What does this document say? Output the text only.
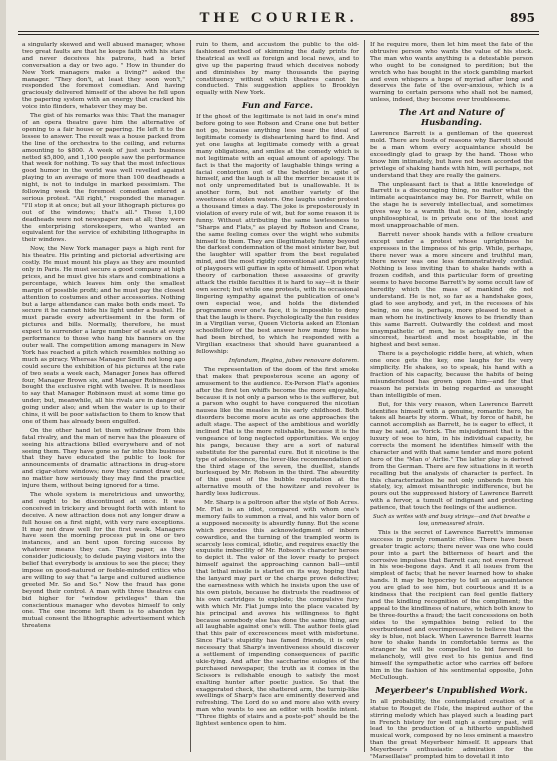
THE COURIER.	895

a singularly skewed and well abused manager, whose two great faults are that he keeps faith with his stars and never deceives his patrons, had a brief conversation a day or two ago. " How in thunder do New York managers make a living?" asked the manager. "They don't, at least they soon won't," responded the foremost comedian. And having graciously delivered himself of the above he fell upon the papering system with an energy that cracked his voice into flinders, whatever they may be.

The gist of his remarks was this: That the manager of an opera theatre gave him the alternative of opening to a fair house or papering. He left it to the lessee to answer. The result was a house packed from the line of the orchestra to the ceiling, and returns amounting to $800. A week of just such business netted $5,800, and 1,100 people saw the performance that week for nothing. To say that the most infectious good humor in the world was well revelled against playing to an average of more than 100 deadheads a night, is not to indulge in marked pessimism. The following week the foremost comedian entered a serious protest. "All right," responded the manager. "I'll stop it at once; but all your lithograph pictures go out of the windows; that's all." These 1,100 deadheads were not newspaper men at all; they were the enterprising storekeepers, who wanted an equivalent for the service of exhibiting lithographs in their windows.

Now, the New York manager pays a high rent for his theatre. His printing and pictorial advertising are costly. He must mount his plays as they are mounted only in Paris. He must secure a good company at high prices, and he must give his stars and combinations a percentage, which leaves him only the smallest margin of possible profit; and he must pay the closest attention to costumes and other accessories. Nothing but a large attendance can make both ends meet. To secure it he cannot hide his light under a bushel. He must parade every advertisement in the form of pictures and bills. Normally, therefore, he must expect to surrender a large number of seats at every performance to those who hang his banners on the outer wall. The competition among managers in New York has reached a pitch which resembles nothing so much as piracy. Whereas Manager Smith not long ago could secure the exhibition of his pictures at the rate of two seats a week each, Manager Jones has offered four, Manager Brown six, and Manager Robinson has bought the exclusive right with twelve. It is needless to say that Manager Robinson must at some time go under; but, meanwhile, all his rivals are in danger of going under also; and when the water is up to their chins, it will be poor satisfaction to them to know that one of them has already been engulfed.

On the other hand let them withdraw from this fatal rivalry, and the man of nerve has the pleasure of seeing his attractions billed everywhere and of not seeing them. They have gone so far into this business that they have educated the public to look for announcements of dramatic attractions in drug-store and cigar-store windows; now they cannot draw out, no matter how seriously they may find the practice injure them, without being ignored for a time.

The whole system is meretricious and unworthy, and ought to be discontinued at once. It was conceived in trickery and brought forth with intent to deceive. A new attraction does not any longer draw a full house on a first night, with very rare exceptions. It may not draw well for the first week. Managers have seen the morning process put in one or two instances, and an bent upon forcing success by whatever means they can. They paper, as they consider judiciously, to delude paying visitors into the belief that everybody is anxious to see the piece; they impose on good-natured or feeble-minded critics who are willing to say that "a large and cultured audience greeted Mr. So and So." Now the fraud has gone beyond their control. A man with three theatres can bid higher for "window privileges" than the conscientious manager who devotes himself to only one. The one income left them is to abandon by mutual consent the lithographic advertisement which threatens

ruin to them, and accustom the public to the old-fashioned method of skimming the daily prints for theatrical as well as foreign and local news, and to give up the papering fraud which deceives nobody and diminishes by many thousands the paying constituency without which theatres cannot be conducted. This suggestion applies to Brooklyn equally with New York.

Fun and Farce.

If the ghost of the legitimate is not laid in one's mind before going to see Robson and Crane one but better not go, because anything less near the ideal of legitimate comedy is disheartening hard to find. And yet one laughs at legitimate comedy with a great many obligations, and smiles at the comedy which is not legitimate with an equal amount of apology. The fact is that the majority of laughable things wring a facial contortion out of the beholder in spite of himself, and the laugh is all the merrier because it is not only unpremeditated but is unallowable. It is another form, but not another variety of the sweetness of stolen waters. One laughs under protest a thousand times a day. The joke is preposterously in violation of every rule of wit, but for some reason it is funny. Without attributing the same lawlessness to "Sharps and Flats," as played by Robson and Crane, the same feeling comes over the wight who submits himself to them. They are illegitimately funny beyond the darkest condemnation of the most sinister bar, but the laughter will spatter from the best regulated mind, and the most rigidly conventional and propriety of playgoers will guffaw in spite of himself. Upon what theory of carbonation these assassins of gravity attack the risible faculties it is hard to say—it is their own secret; but while one protests, with its occasional lingering sympathy against the publication of one's own especial woe, and holds the distended programme over one's face, it is impossible to deny that the laugh is there. Psychologically the fun resides in a Virgilian verse, Queen Victoria asked an Etonian schoolfellow of the best answer how many times he had been birched, to which he responded with a Virgilian exactness that should have guaranteed a fellowship:

Infandum, Regina, jubes renovare dolorem.

The representation of the doom of the first smoke that makes that preposterous scene an agony of amusement to the audience. Ex-Person Flat's agonies after the first ten whiffs become the more enjoyable, because it is not only a parson who is the sufferer, but a parson who ought to have conquered the nicotian nausea like the measles in his early childhood. Both disorders become more acute as one approaches the adult stage. The aspect of the ambitious and worldly inclined Flat is the more relishable, because it is the vengeance of long neglected opportunities. We enjoy his pangs, because they are a sort of natural substitute for the parental cure. But it nicotine is the type of adolescence, the lover-like recommendation of the third stage of the seven, the duellist, stands burlesqued by Mr. Robson in the third. The absurdity of this guest of the bubble reputation at the alternative mouth of the howitzer and revolver is hardly less ludicrous.

Mr. Sharp is a poltroon after the style of Bob Acres. Mr. Flat is an idiot, compared with whom one's memory fails to summon a rival, and his valor born of a supposed necessity is absurdly funny. But the scene which precedes this acknowledgment of inborn cowardice, and the turning of the trampled worm is scarcely less comical, idiotic, and requires exactly the exquisite imbecility of Mr. Robson's character heroes to depict it. The valor of the lover ready to project himself against the approaching cannon ball—until that lethal missile is started on its way, hoping that the lanyard may part or the charge prove defective; the earnestness with which he insists upon the use of his own pistols, because he distrusts the readiness of his own cartridges to explode; the compulsive fury with which Mr. Flat jumps into the place vacated by his principal and avows his willingness to fight because somebody else has done the same thing, are all laughable against one's will. The author feels glad that this pair of excrescences meet with misfortune. Since Flat's stupidity has famed friends, it is only necessary that Sharp's inventiveness should discover a settlement of impending consequences of pacific ukie-fying. And after the saccharine eulogies of the purchased newspaper, the truth as it comes in the Scissors is relishable enough to satisfy the most exalting hunter after poetic justice. So that the exaggerated check, the shattered arm, the turnip-like swellings of Sharp's face are eminently deserved and refreshing. The Lord do so and more also with every man who wants to see an editor with hostile intent. "Three flights of stairs and a poste-pot" should be the lightest sentence open to him.

If he require more, then let him meet the fate of the obtrusive person who wants the value of his stock. The man who wants anything is a detestable person who ought to be consigned to perdition; but the wretch who has bought in the stock gambling market and even whispers a hope of myriad after long and deserves the fate of the over-anxious, which is a warning to certain persons who shall not be named, unless, indeed, they become over troublesome.

The Art and Nature of Husbanding.

Lawrence Barrett is a gentleman of the queerest mold. There are hosts of reasons why Barrett should be a man whom every acquaintance should be exceedingly glad to grasp by the hand. Those who know him intimately, but have not been accorded the privilege of shaking hands with him, will perhaps, not understand that they are really the gainers.

The unpleasant fact is that a little knowledge of Barrett is a discouraging thing, no matter what the intimate acquaintance may be. For Barrett, while on the stage he is severely intellectual, and sometimes gives way to a warmth that is, to him, shockingly unphilosophical, is in private one of the icest and most unapproachable of men.

Barrett never shook hands with a fellow creature except under a protest whose uprightness he expresses in the limpness of his grip. While, perhaps, there never was a more sincere and truthful man, there never was one less demonstratively cordial. Nothing is less inviting than to shake hands with a frozen codfish, and this particular form of greeting seems to have become Barrett's by some occult law of heredity which the mass of mankind do not understand. He is not, so far as a handshake goes, glad to see anybody, and yet, in the recesses of his being, no one is, perhaps, more pleased to meet a man whom he instinctively knows to be friendly than this same Barrett. Outwardly the coldest and most unsympathetic of men, he is actually one of the sincerest, heartiest and most hospitable, in the highest and best sense.

There is a psychologic riddle here, at which, when one once gets the key, one laughs for its very simplicity. He shakes, so to speak, his hand with a fraction of his capacity, because the habits of being misunderstood has grown upon him—and for that reason he persists in being regarded as unsought than intelligible of men.

But, for this very reason, when Lawrence Barrett identifies himself with a genuine, romantic hero, he takes all hearts by storm. What, by force of habit, he cannot accomplish as Barrett, he is eager to effect, it may be said, as Yorick. The misjudgment that is the luxury of woe to him, in his individual capacity, he corrects the moment he identifies himself with the character and with that same tender and more potent hero of the "Man o' Airlie." The latter play is derived from the German. There are few situations in it worth recalling but the analysis of character is perfect. In this characterization he not only unbends from his stately, icy, almost misanthropic indifference, but he pours out the suppressed history of Lawrence Barrett with a fervor, a tumult of indignant and protecting patience, that touch the feelings of the audience.

Such as writes with and busy strings—and that breathe a low, unmeasured strain.

This is the secret of Lawrence Barrett's immense success in purely romantic rôles. There have been greater tragic actors; there never was one who could pour into a part the bitterness of heart and the corrosive impulses that Barrett can; not even Forrest in his woe-begone days. And it all issues from the simplest of facts; that he never learned how to shake hands. It may be hypocrisy to tell an acquaintance you are glad to see him, but courteous and it is a kindness that the recipient can feel gentle flattery and the kindling recognition of the compliment; the appeal to the kindliness of nature, which both know to be three-fourths a fraud; the tacit concessions on both sides to the sympathies being relied to the overburdened and overimpressive to believe that the sky is blue, not black. When Lawrence Barrett learns how to shake hands in comfortable terms as the stranger he will be compelled to bid farewell to melancholy, will give rest to his genius and find himself the sympathetic actor who carries off before him in the fashion of his sentimental opposite, John McCullough.

Meyerbeer's Unpublished Work.

In all probability, the contemplated creation of a statue to Rouget de l'Isle, the inspired author of the stirring melody which has played such a leading part in French history for well nigh a century past, will lead to the production of a hitherto unpublished musical work, composed by no less eminent a maestro than the great Meyerbeer himself. It appears that Meyerbeer's enthusiastic admiration for the "Marseillaise" prompted him to dovetail it into
